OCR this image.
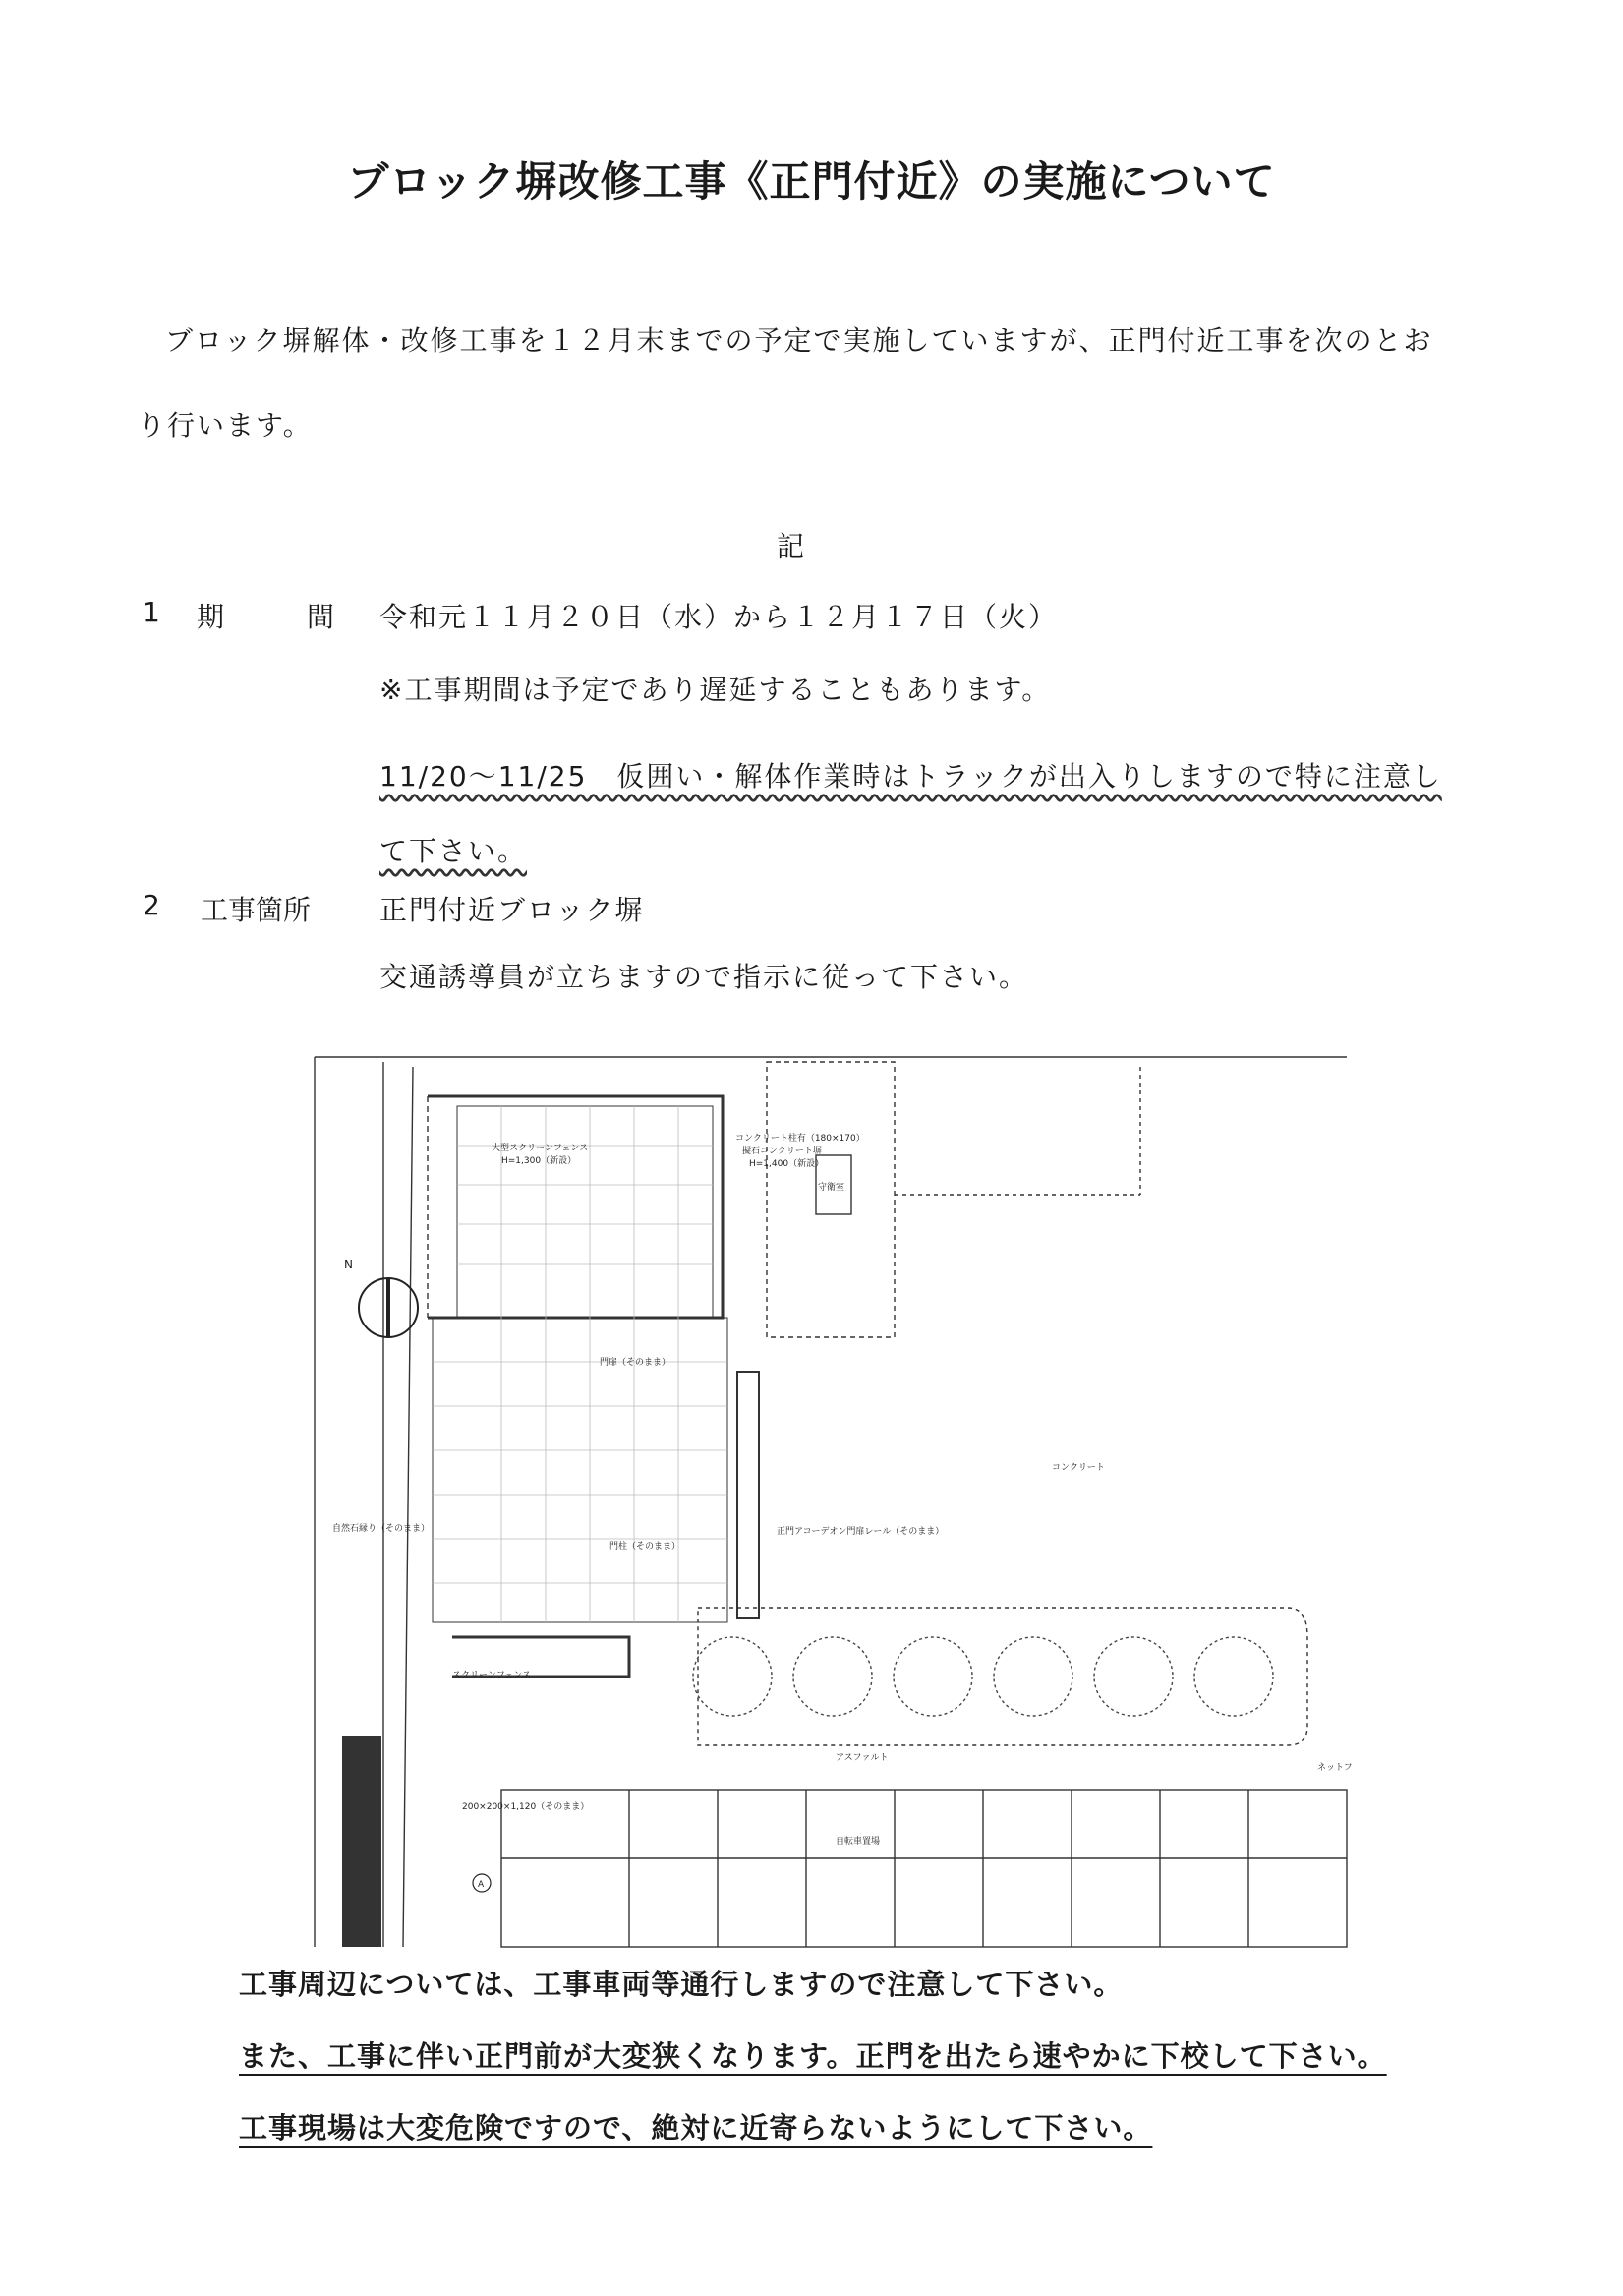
ブロック塀改修工事《正門付近》の実施について
ブロック塀解体・改修工事を１２月末までの予定で実施していますが、正門付近工事を次のとおり行います。
記
1 期　間 令和元１１月２０日（水）から１２月１７日（火）
※工事期間は予定であり遅延することもあります。
11/20～11/25　仮囲い・解体作業時はトラックが出入りしますので特に注意して下さい。
2 工事箇所 正門付近ブロック塀
交通誘導員が立ちますので指示に従って下さい。
N
大型スクリーンフェンス
H=1,300（新設）
コンクリート柱有（180×170）
擬石コンクリート塀
H=1,400（新設）
守衛室
門扉（そのまま）
正門アコーデオン門扉レール（そのまま）
門柱（そのまま）
自然石縁り（そのまま）
スクリーンフェンス
コンクリート
アスファルト
自転車置場
ネットフ
200×200×1,120（そのまま）
A
工事周辺については、工事車両等通行しますので注意して下さい。
また、工事に伴い正門前が大変狭くなります。正門を出たら速やかに下校して下さい。
工事現場は大変危険ですので、絶対に近寄らないようにして下さい。
